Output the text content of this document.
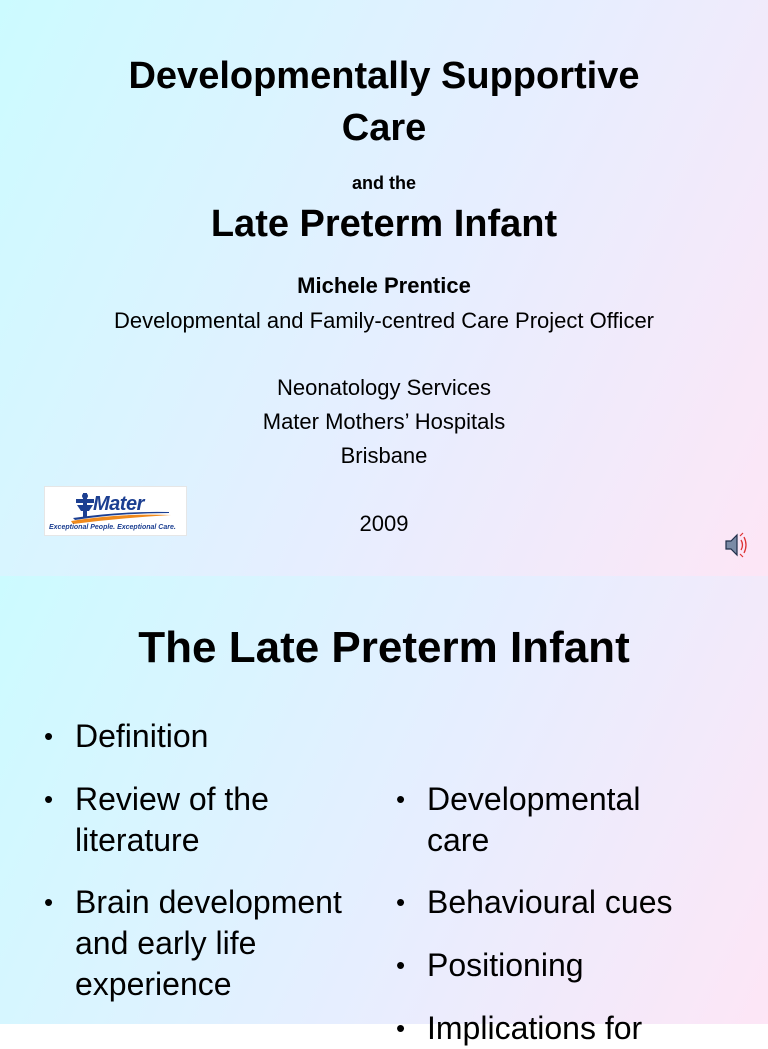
Developmentally Supportive
Care
and the
Late Preterm Infant
Michele Prentice
Developmental and Family-centred Care Project Officer
Neonatology Services
Mater Mothers’ Hospitals
Brisbane
2009
Mater
Exceptional People. Exceptional Care.
The Late Preterm Infant
• Definition
• Review of the
literature
• Brain development
and early life
experience
• Developmental
care
• Behavioural cues
• Positioning
• Implications for
